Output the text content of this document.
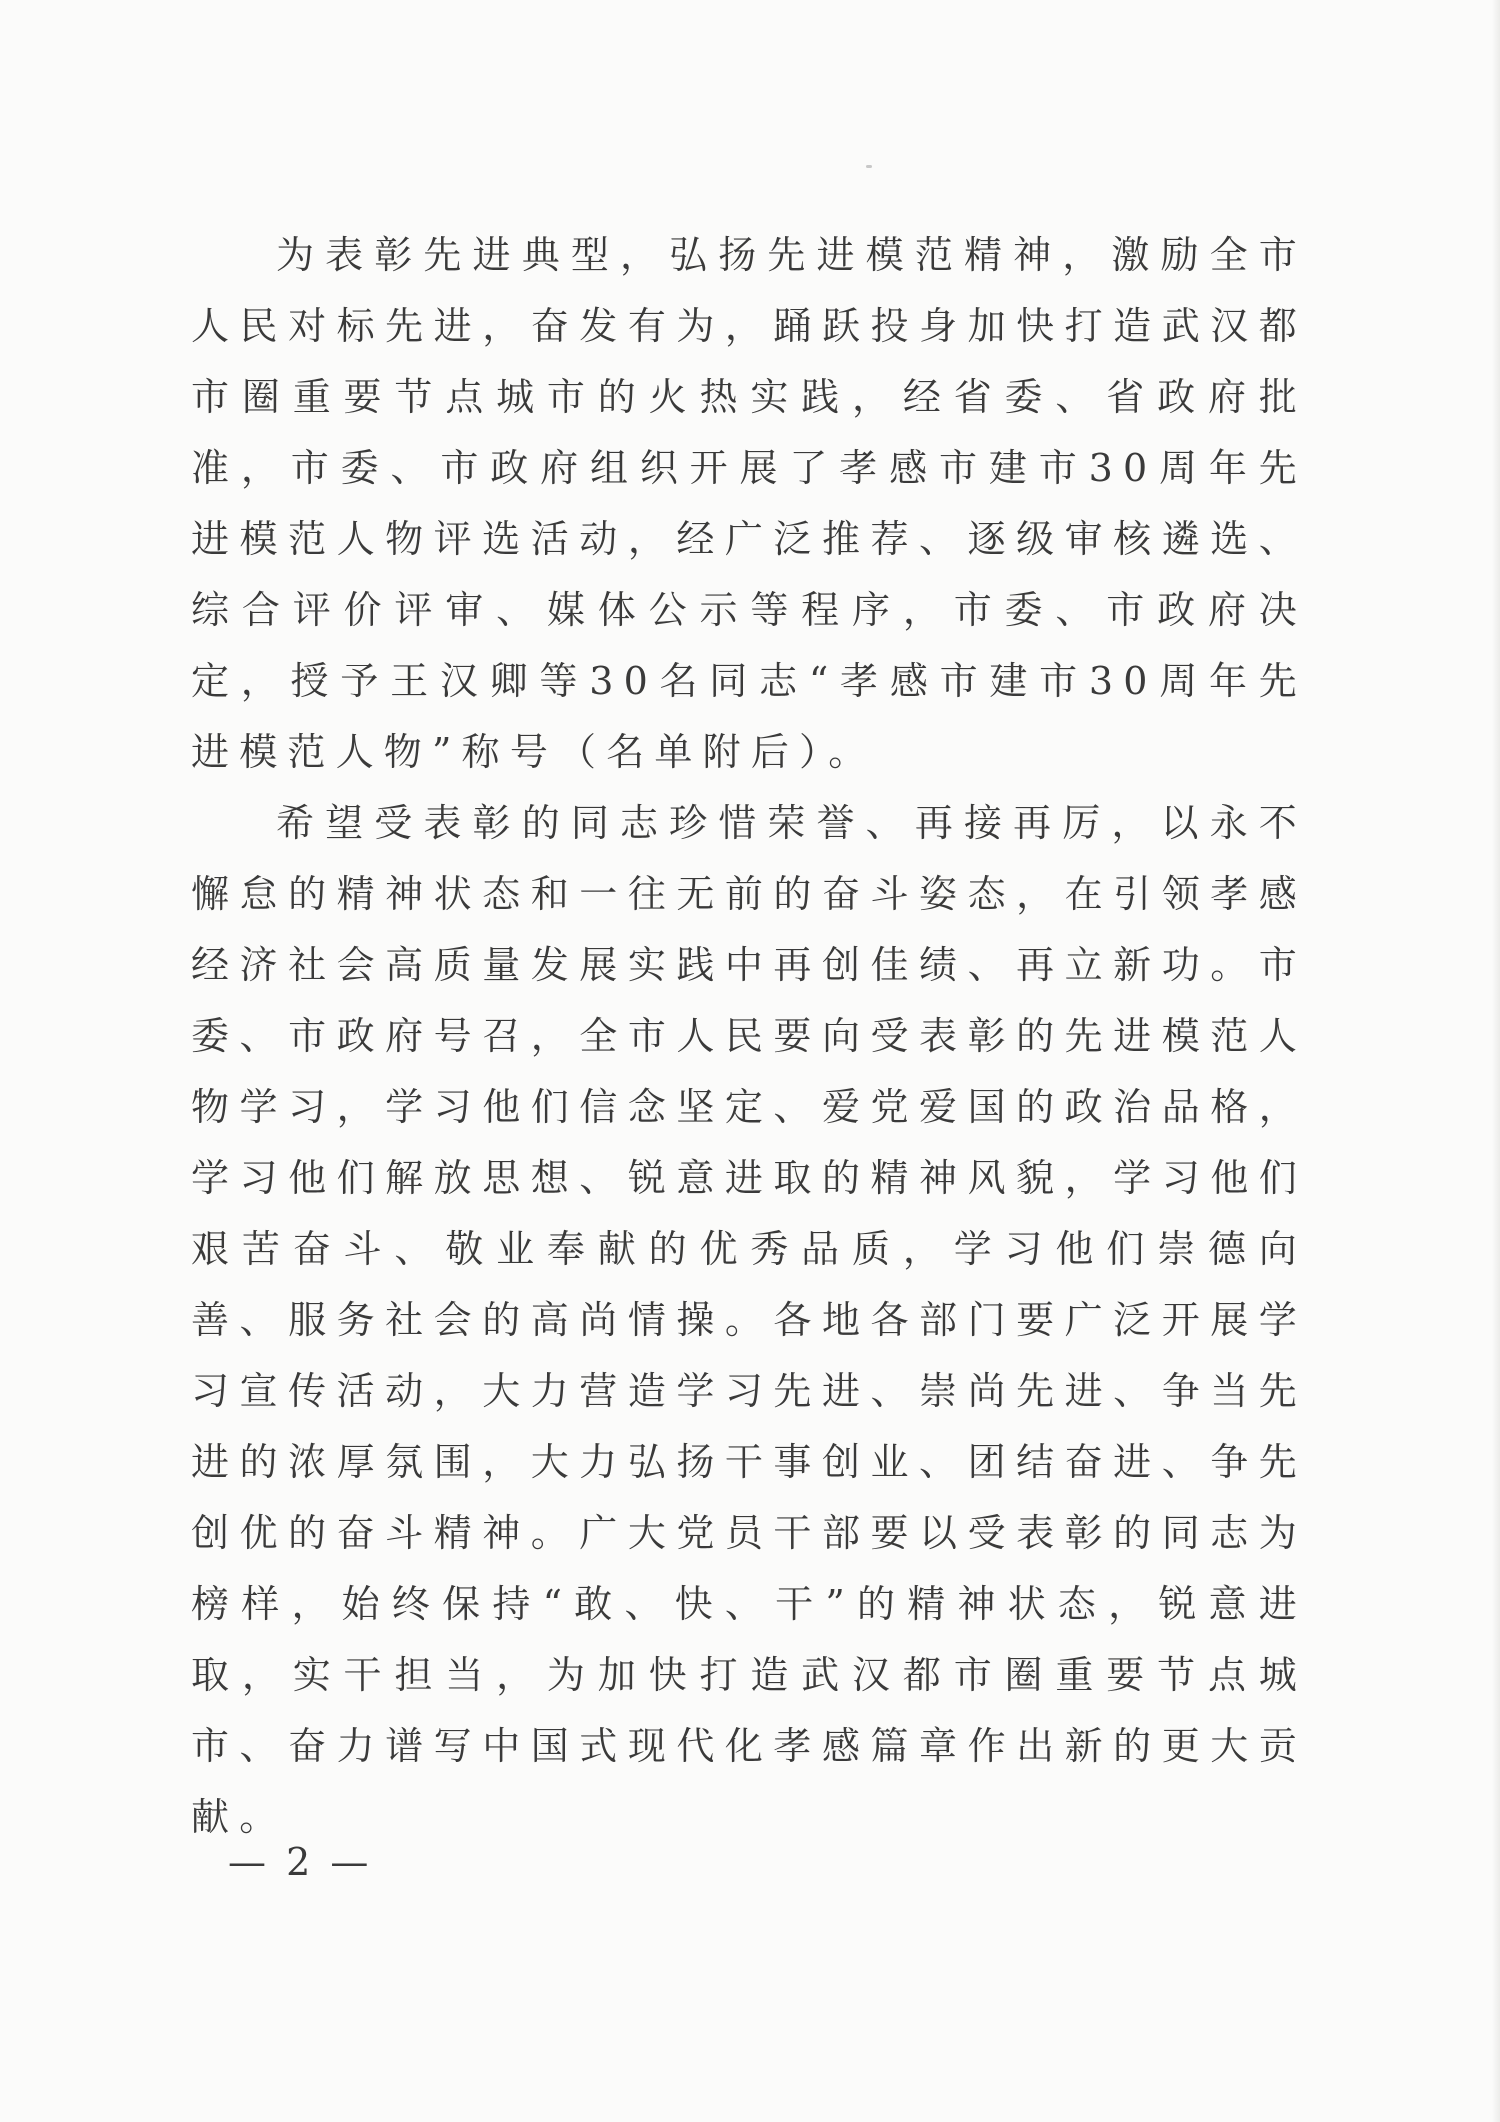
为表彰先进典型，弘扬先进模范精神，激励全市人民对标先进，奋发有为，踊跃投身加快打造武汉都市圈重要节点城市的火热实践，经省委、省政府批准，市委、市政府组织开展了孝感市建市30周年先进模范人物评选活动，经广泛推荐、逐级审核遴选、综合评价评审、媒体公示等程序，市委、市政府决定，授予王汉卿等30名同志“孝感市建市30周年先进模范人物”称号（名单附后）。

希望受表彰的同志珍惜荣誉、再接再厉，以永不懈怠的精神状态和一往无前的奋斗姿态，在引领孝感经济社会高质量发展实践中再创佳绩、再立新功。市委、市政府号召，全市人民要向受表彰的先进模范人物学习，学习他们信念坚定、爱党爱国的政治品格，学习他们解放思想、锐意进取的精神风貌，学习他们艰苦奋斗、敬业奉献的优秀品质，学习他们崇德向善、服务社会的高尚情操。各地各部门要广泛开展学习宣传活动，大力营造学习先进、崇尚先进、争当先进的浓厚氛围，大力弘扬干事创业、团结奋进、争先创优的奋斗精神。广大党员干部要以受表彰的同志为榜样，始终保持“敢、快、干”的精神状态，锐意进取，实干担当，为加快打造武汉都市圈重要节点城市、奋力谱写中国式现代化孝感篇章作出新的更大贡献。

— 2 —
